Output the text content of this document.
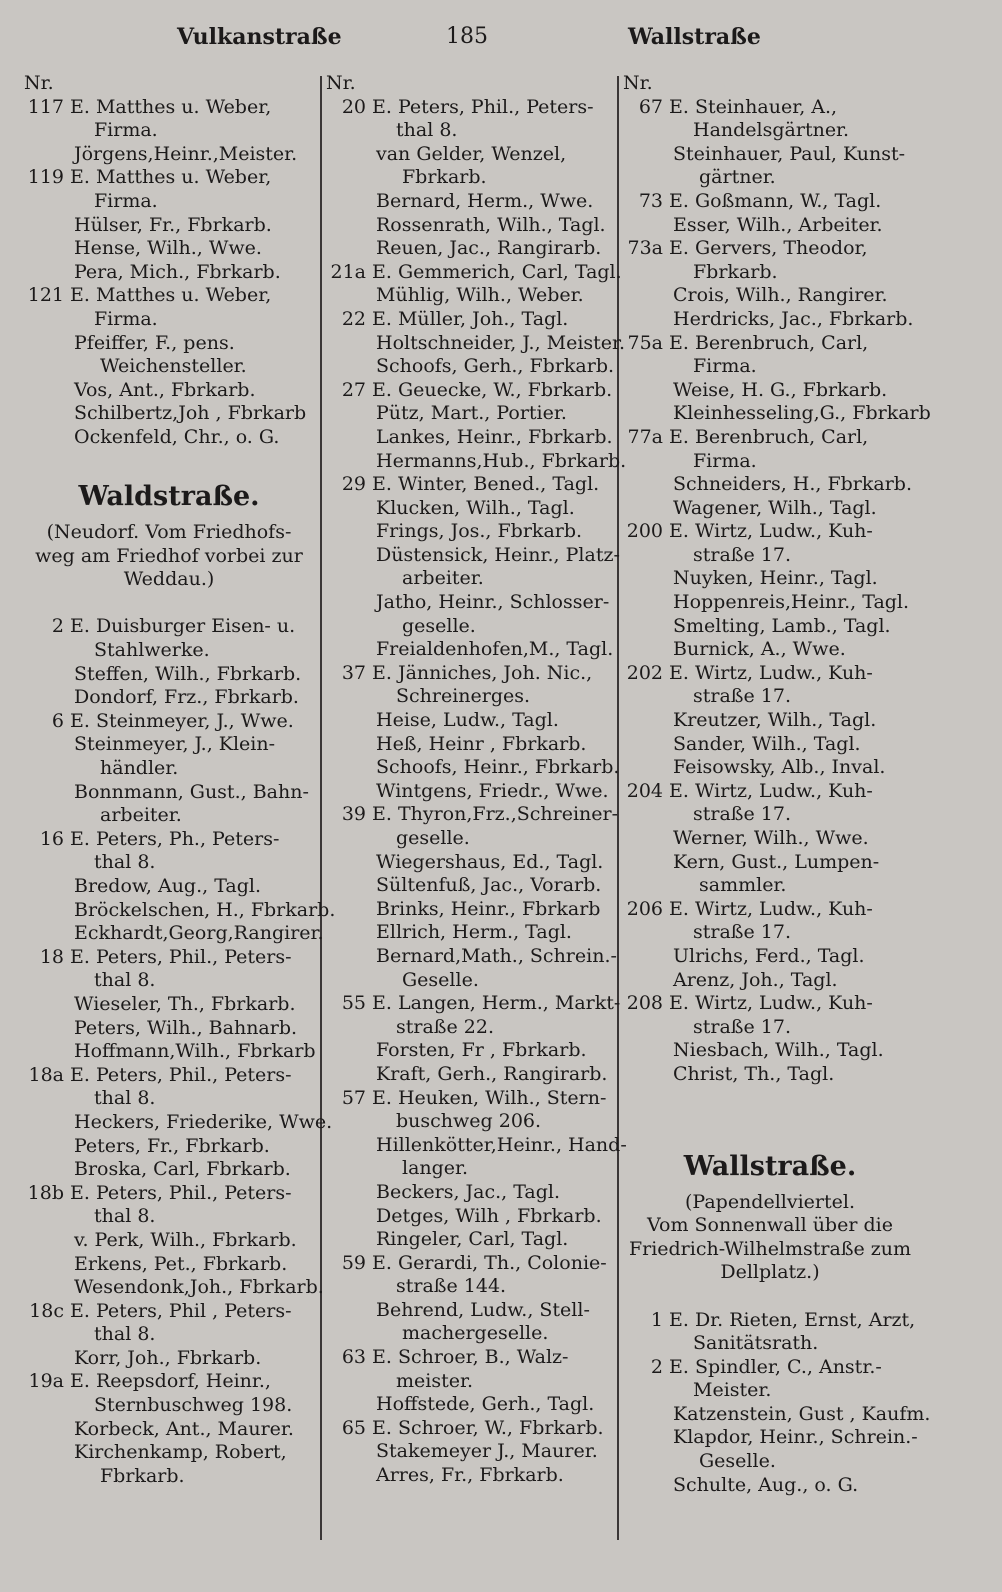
Vulkanstraße	185	Wallstraße
Nr.
117 E. Matthes u. Weber,
Firma.
Jörgens,Heinr.,Meister.
119 E. Matthes u. Weber,
Firma.
Hülser, Fr., Fbrkarb.
Hense, Wilh., Wwe.
Pera, Mich., Fbrkarb.
121 E. Matthes u. Weber,
Firma.
Pfeiffer, F., pens.
Weichensteller.
Vos, Ant., Fbrkarb.
Schilbertz,Joh , Fbrkarb
Ockenfeld, Chr., o. G.
Waldstraße.
(Neudorf. Vom Friedhofs-
weg am Friedhof vorbei zur
Weddau.)
2 E. Duisburger Eisen- u.
Stahlwerke.
Steffen, Wilh., Fbrkarb.
Dondorf, Frz., Fbrkarb.
6 E. Steinmeyer, J., Wwe.
Steinmeyer, J., Klein-
händler.
Bonnmann, Gust., Bahn-
arbeiter.
16 E. Peters, Ph., Peters-
thal 8.
Bredow, Aug., Tagl.
Bröckelschen, H., Fbrkarb.
Eckhardt,Georg,Rangirer.
18 E. Peters, Phil., Peters-
thal 8.
Wieseler, Th., Fbrkarb.
Peters, Wilh., Bahnarb.
Hoffmann,Wilh., Fbrkarb
18a E. Peters, Phil., Peters-
thal 8.
Heckers, Friederike, Wwe.
Peters, Fr., Fbrkarb.
Broska, Carl, Fbrkarb.
18b E. Peters, Phil., Peters-
thal 8.
v. Perk, Wilh., Fbrkarb.
Erkens, Pet., Fbrkarb.
Wesendonk,Joh., Fbrkarb.
18c E. Peters, Phil , Peters-
thal 8.
Korr, Joh., Fbrkarb.
19a E. Reepsdorf, Heinr.,
Sternbuschweg 198.
Korbeck, Ant., Maurer.
Kirchenkamp, Robert,
Fbrkarb.
Nr.
20 E. Peters, Phil., Peters-
thal 8.
van Gelder, Wenzel,
Fbrkarb.
Bernard, Herm., Wwe.
Rossenrath, Wilh., Tagl.
Reuen, Jac., Rangirarb.
21a E. Gemmerich, Carl, Tagl.
Mühlig, Wilh., Weber.
22 E. Müller, Joh., Tagl.
Holtschneider, J., Meister.
Schoofs, Gerh., Fbrkarb.
27 E. Geuecke, W., Fbrkarb.
Pütz, Mart., Portier.
Lankes, Heinr., Fbrkarb.
Hermanns,Hub., Fbrkarb.
29 E. Winter, Bened., Tagl.
Klucken, Wilh., Tagl.
Frings, Jos., Fbrkarb.
Düstensick, Heinr., Platz-
arbeiter.
Jatho, Heinr., Schlosser-
geselle.
Freialdenhofen,M., Tagl.
37 E. Jänniches, Joh. Nic.,
Schreinerges.
Heise, Ludw., Tagl.
Heß, Heinr , Fbrkarb.
Schoofs, Heinr., Fbrkarb.
Wintgens, Friedr., Wwe.
39 E. Thyron,Frz.,Schreiner-
geselle.
Wiegershaus, Ed., Tagl.
Sültenfuß, Jac., Vorarb.
Brinks, Heinr., Fbrkarb
Ellrich, Herm., Tagl.
Bernard,Math., Schrein.-
Geselle.
55 E. Langen, Herm., Markt-
straße 22.
Forsten, Fr , Fbrkarb.
Kraft, Gerh., Rangirarb.
57 E. Heuken, Wilh., Stern-
buschweg 206.
Hillenkötter,Heinr., Hand-
langer.
Beckers, Jac., Tagl.
Detges, Wilh , Fbrkarb.
Ringeler, Carl, Tagl.
59 E. Gerardi, Th., Colonie-
straße 144.
Behrend, Ludw., Stell-
machergeselle.
63 E. Schroer, B., Walz-
meister.
Hoffstede, Gerh., Tagl.
65 E. Schroer, W., Fbrkarb.
Stakemeyer J., Maurer.
Arres, Fr., Fbrkarb.
Nr.
67 E. Steinhauer, A.,
Handelsgärtner.
Steinhauer, Paul, Kunst-
gärtner.
73 E. Goßmann, W., Tagl.
Esser, Wilh., Arbeiter.
73a E. Gervers, Theodor,
Fbrkarb.
Crois, Wilh., Rangirer.
Herdricks, Jac., Fbrkarb.
75a E. Berenbruch, Carl,
Firma.
Weise, H. G., Fbrkarb.
Kleinhesseling,G., Fbrkarb
77a E. Berenbruch, Carl,
Firma.
Schneiders, H., Fbrkarb.
Wagener, Wilh., Tagl.
200 E. Wirtz, Ludw., Kuh-
straße 17.
Nuyken, Heinr., Tagl.
Hoppenreis,Heinr., Tagl.
Smelting, Lamb., Tagl.
Burnick, A., Wwe.
202 E. Wirtz, Ludw., Kuh-
straße 17.
Kreutzer, Wilh., Tagl.
Sander, Wilh., Tagl.
Feisowsky, Alb., Inval.
204 E. Wirtz, Ludw., Kuh-
straße 17.
Werner, Wilh., Wwe.
Kern, Gust., Lumpen-
sammler.
206 E. Wirtz, Ludw., Kuh-
straße 17.
Ulrichs, Ferd., Tagl.
Arenz, Joh., Tagl.
208 E. Wirtz, Ludw., Kuh-
straße 17.
Niesbach, Wilh., Tagl.
Christ, Th., Tagl.
Wallstraße.
(Papendellviertel.
Vom Sonnenwall über die
Friedrich-Wilhelmstraße zum
Dellplatz.)
1 E. Dr. Rieten, Ernst, Arzt,
Sanitätsrath.
2 E. Spindler, C., Anstr.-
Meister.
Katzenstein, Gust , Kaufm.
Klapdor, Heinr., Schrein.-
Geselle.
Schulte, Aug., o. G.
